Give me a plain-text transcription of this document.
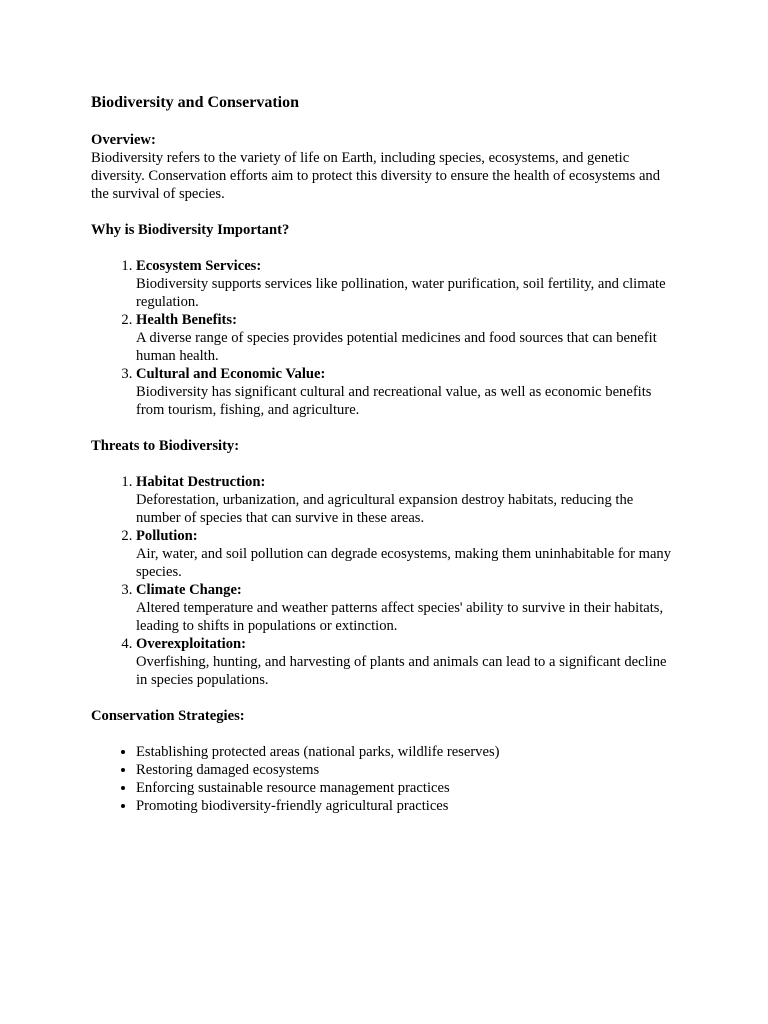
Biodiversity and Conservation
Overview:

Biodiversity refers to the variety of life on Earth, including species, ecosystems, and genetic diversity. Conservation efforts aim to protect this diversity to ensure the health of ecosystems and the survival of species.

Why is Biodiversity Important?
1. Ecosystem Services:
Biodiversity supports services like pollination, water purification, soil fertility, and climate regulation.
2. Health Benefits:
A diverse range of species provides potential medicines and food sources that can benefit human health.
3. Cultural and Economic Value:
Biodiversity has significant cultural and recreational value, as well as economic benefits from tourism, fishing, and agriculture.
Threats to Biodiversity:
1. Habitat Destruction:
Deforestation, urbanization, and agricultural expansion destroy habitats, reducing the number of species that can survive in these areas.
2. Pollution:
Air, water, and soil pollution can degrade ecosystems, making them uninhabitable for many species.
3. Climate Change:
Altered temperature and weather patterns affect species' ability to survive in their habitats, leading to shifts in populations or extinction.
4. Overexploitation:
Overfishing, hunting, and harvesting of plants and animals can lead to a significant decline in species populations.
Conservation Strategies:
• Establishing protected areas (national parks, wildlife reserves)
• Restoring damaged ecosystems
• Enforcing sustainable resource management practices
• Promoting biodiversity-friendly agricultural practices
